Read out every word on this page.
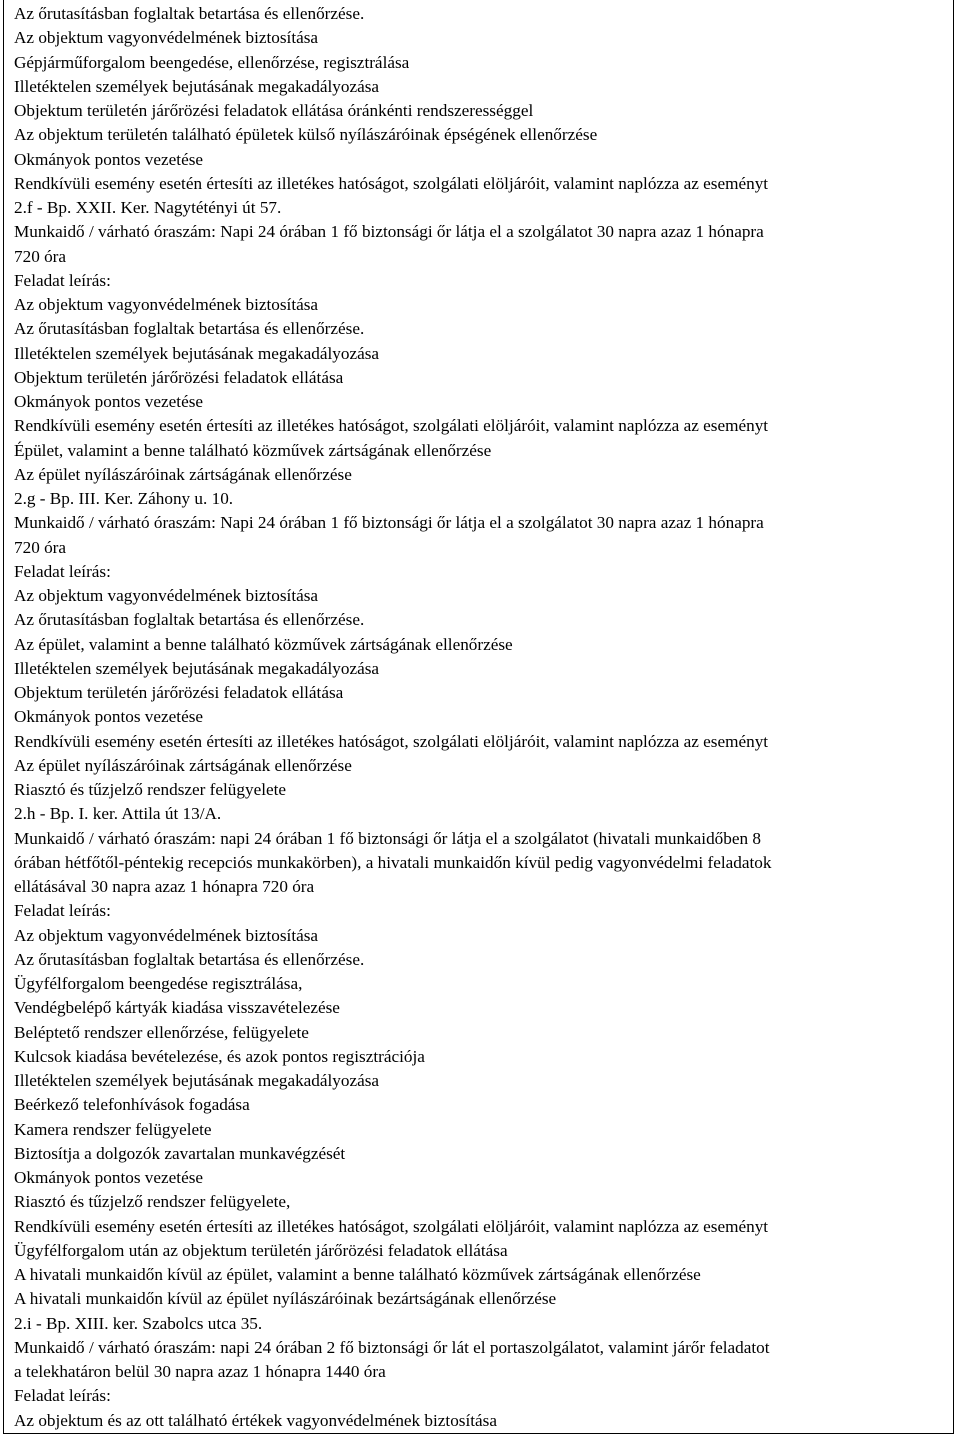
Az őrutasításban foglaltak betartása és ellenőrzése.
Az objektum vagyonvédelmének biztosítása
Gépjárműforgalom beengedése, ellenőrzése, regisztrálása
Illetéktelen személyek bejutásának megakadályozása
Objektum területén járőrözési feladatok ellátása óránkénti rendszerességgel
Az objektum területén található épületek külső nyílászáróinak épségének ellenőrzése
Okmányok pontos vezetése
Rendkívüli esemény esetén értesíti az illetékes hatóságot, szolgálati elöljáróit, valamint naplózza az eseményt
2.f - Bp. XXII. Ker. Nagytétényi út 57.
Munkaidő / várható óraszám: Napi 24 órában 1 fő biztonsági őr látja el a szolgálatot 30 napra azaz 1 hónapra
720 óra
Feladat leírás:
Az objektum vagyonvédelmének biztosítása
Az őrutasításban foglaltak betartása és ellenőrzése.
Illetéktelen személyek bejutásának megakadályozása
Objektum területén járőrözési feladatok ellátása
Okmányok pontos vezetése
Rendkívüli esemény esetén értesíti az illetékes hatóságot, szolgálati elöljáróit, valamint naplózza az eseményt
Épület, valamint a benne található közművek zártságának ellenőrzése
Az épület nyílászáróinak zártságának ellenőrzése
2.g - Bp. III. Ker. Záhony u. 10.
Munkaidő / várható óraszám: Napi 24 órában 1 fő biztonsági őr látja el a szolgálatot 30 napra azaz 1 hónapra
720 óra
Feladat leírás:
Az objektum vagyonvédelmének biztosítása
Az őrutasításban foglaltak betartása és ellenőrzése.
Az épület, valamint a benne található közművek zártságának ellenőrzése
Illetéktelen személyek bejutásának megakadályozása
Objektum területén járőrözési feladatok ellátása
Okmányok pontos vezetése
Rendkívüli esemény esetén értesíti az illetékes hatóságot, szolgálati elöljáróit, valamint naplózza az eseményt
Az épület nyílászáróinak zártságának ellenőrzése
Riasztó és tűzjelző rendszer felügyelete
2.h - Bp. I. ker. Attila út 13/A.
Munkaidő / várható óraszám: napi 24 órában 1 fő biztonsági őr látja el a szolgálatot (hivatali munkaidőben 8
órában hétfőtől-péntekig recepciós munkakörben), a hivatali munkaidőn kívül pedig vagyonvédelmi feladatok
ellátásával 30 napra azaz 1 hónapra 720 óra
Feladat leírás:
Az objektum vagyonvédelmének biztosítása
Az őrutasításban foglaltak betartása és ellenőrzése.
Ügyfélforgalom beengedése regisztrálása,
Vendégbelépő kártyák kiadása visszavételezése
Beléptető rendszer ellenőrzése, felügyelete
Kulcsok kiadása bevételezése, és azok pontos regisztrációja
Illetéktelen személyek bejutásának megakadályozása
Beérkező telefonhívások fogadása
Kamera rendszer felügyelete
Biztosítja a dolgozók zavartalan munkavégzését
Okmányok pontos vezetése
Riasztó és tűzjelző rendszer felügyelete,
Rendkívüli esemény esetén értesíti az illetékes hatóságot, szolgálati elöljáróit, valamint naplózza az eseményt
Ügyfélforgalom után az objektum területén járőrözési feladatok ellátása
A hivatali munkaidőn kívül az épület, valamint a benne található közművek zártságának ellenőrzése
A hivatali munkaidőn kívül az épület nyílászáróinak bezártságának ellenőrzése
2.i - Bp. XIII. ker. Szabolcs utca 35.
Munkaidő / várható óraszám: napi 24 órában 2 fő biztonsági őr lát el portaszolgálatot, valamint járőr feladatot
a telekhatáron belül 30 napra azaz 1 hónapra 1440 óra
Feladat leírás:
Az objektum és az ott található értékek vagyonvédelmének biztosítása
